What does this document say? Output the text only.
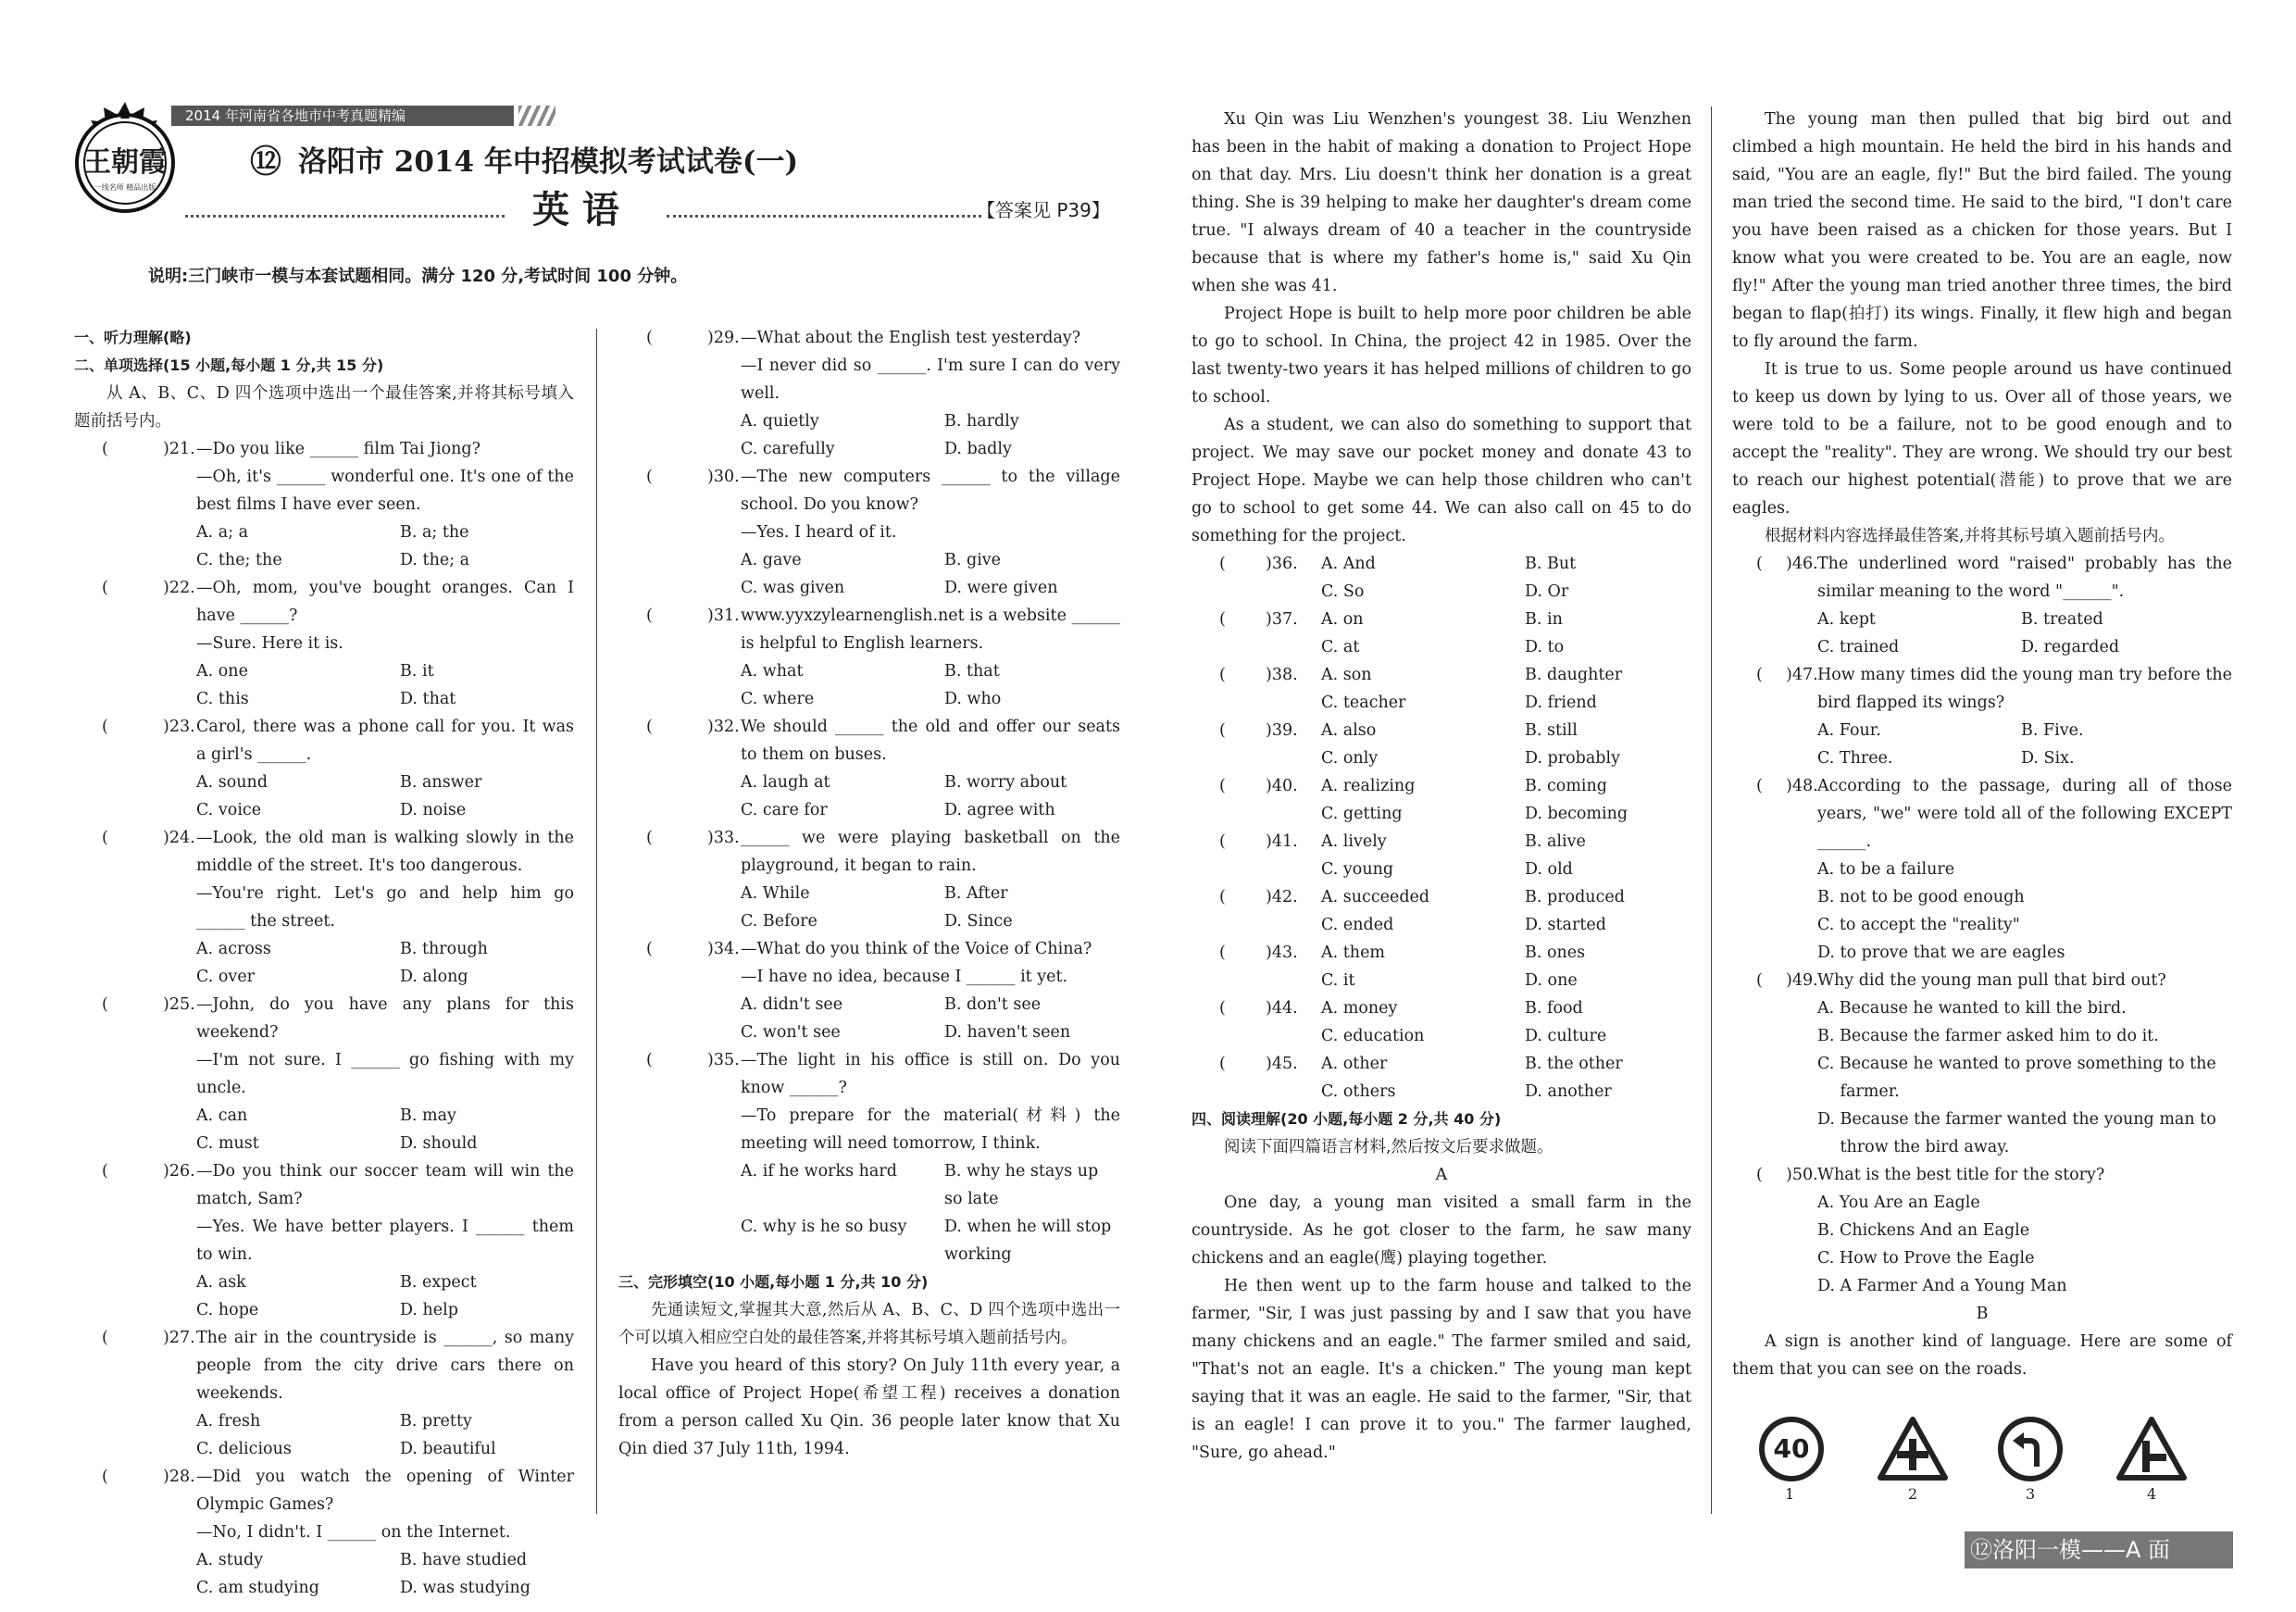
2014 年河南省各地市中考真题精编
王朝霞
一线名师 精品出版
⑫ 洛阳市 2014 年中招模拟考试试卷(一)
英 语	【答案见 P39】
说明:三门峡市一模与本套试题相同。满分 120 分,考试时间 100 分钟。
一、听力理解(略)
二、单项选择(15 小题,每小题 1 分,共 15 分)
从 A、B、C、D 四个选项中选出一个最佳答案,并将其标号填入题前括号内。
(	)21. —Do you like ______ film Tai Jiong?
—Oh, it's ______ wonderful one. It's one of the best films I have ever seen.
A. a; a	B. a; the
C. the; the	D. the; a
(	)22. —Oh, mom, you've bought oranges. Can I have ______?
—Sure. Here it is.
A. one	B. it
C. this	D. that
(	)23. Carol, there was a phone call for you. It was a girl's ______.
A. sound	B. answer
C. voice	D. noise
(	)24. —Look, the old man is walking slowly in the middle of the street. It's too dangerous.
—You're right. Let's go and help him go ______ the street.
A. across	B. through
C. over	D. along
(	)25. —John, do you have any plans for this weekend?
—I'm not sure. I ______ go fishing with my uncle.
A. can	B. may
C. must	D. should
(	)26. —Do you think our soccer team will win the match, Sam?
—Yes. We have better players. I ______ them to win.
A. ask	B. expect
C. hope	D. help
(	)27. The air in the countryside is ______, so many people from the city drive cars there on weekends.
A. fresh	B. pretty
C. delicious	D. beautiful
(	)28. —Did you watch the opening of Winter Olympic Games?
—No, I didn't. I ______ on the Internet.
A. study	B. have studied
C. am studying	D. was studying
(	)29. —What about the English test yesterday?
—I never did so ______. I'm sure I can do very well.
A. quietly	B. hardly
C. carefully	D. badly
(	)30. —The new computers ______ to the village school. Do you know?
—Yes. I heard of it.
A. gave	B. give
C. was given	D. were given
(	)31. www.yyxzylearnenglish.net is a website ______ is helpful to English learners.
A. what	B. that
C. where	D. who
(	)32. We should ______ the old and offer our seats to them on buses.
A. laugh at	B. worry about
C. care for	D. agree with
(	)33. ______ we were playing basketball on the playground, it began to rain.
A. While	B. After
C. Before	D. Since
(	)34. —What do you think of the Voice of China?
—I have no idea, because I ______ it yet.
A. didn't see	B. don't see
C. won't see	D. haven't seen
(	)35. —The light in his office is still on. Do you know ______?
—To prepare for the material(材料) the meeting will need tomorrow, I think.
A. if he works hard	B. why he stays up so late
C. why is he so busy	D. when he will stop working
三、完形填空(10 小题,每小题 1 分,共 10 分)
先通读短文,掌握其大意,然后从 A、B、C、D 四个选项中选出一个可以填入相应空白处的最佳答案,并将其标号填入题前括号内。
Have you heard of this story? On July 11th every year, a local office of Project Hope(希望工程) receives a donation from a person called Xu Qin. 36 people later know that Xu Qin died 37 July 11th, 1994.
Xu Qin was Liu Wenzhen's youngest 38. Liu Wenzhen has been in the habit of making a donation to Project Hope on that day. Mrs. Liu doesn't think her donation is a great thing. She is 39 helping to make her daughter's dream come true. "I always dream of 40 a teacher in the countryside because that is where my father's home is," said Xu Qin when she was 41.
Project Hope is built to help more poor children be able to go to school. In China, the project 42 in 1985. Over the last twenty-two years it has helped millions of children to go to school.
As a student, we can also do something to support that project. We may save our pocket money and donate 43 to Project Hope. Maybe we can help those children who can't go to school to get some 44. We can also call on 45 to do something for the project.
( )36. A. And	B. But
C. So	D. Or
( )37. A. on	B. in
C. at	D. to
( )38. A. son	B. daughter
C. teacher	D. friend
( )39. A. also	B. still
C. only	D. probably
( )40. A. realizing	B. coming
C. getting	D. becoming
( )41. A. lively	B. alive
C. young	D. old
( )42. A. succeeded	B. produced
C. ended	D. started
( )43. A. them	B. ones
C. it	D. one
( )44. A. money	B. food
C. education	D. culture
( )45. A. other	B. the other
C. others	D. another
四、阅读理解(20 小题,每小题 2 分,共 40 分)
阅读下面四篇语言材料,然后按文后要求做题。
A
One day, a young man visited a small farm in the countryside. As he got closer to the farm, he saw many chickens and an eagle(鹰) playing together.
He then went up to the farm house and talked to the farmer, "Sir, I was just passing by and I saw that you have many chickens and an eagle." The farmer smiled and said, "That's not an eagle. It's a chicken." The young man kept saying that it was an eagle. He said to the farmer, "Sir, that is an eagle! I can prove it to you." The farmer laughed, "Sure, go ahead."
The young man then pulled that big bird out and climbed a high mountain. He held the bird in his hands and said, "You are an eagle, fly!" But the bird failed. The young man tried the second time. He said to the bird, "I don't care you have been raised as a chicken for those years. But I know what you were created to be. You are an eagle, now fly!" After the young man tried another three times, the bird began to flap(拍打) its wings. Finally, it flew high and began to fly around the farm.
It is true to us. Some people around us have continued to keep us down by lying to us. Over all of those years, we were told to be a failure, not to be good enough and to accept the "reality". They are wrong. We should try our best to reach our highest potential(潜能) to prove that we are eagles.
根据材料内容选择最佳答案,并将其标号填入题前括号内。
( )46. The underlined word "raised" probably has the similar meaning to the word "______".
A. kept	B. treated
C. trained	D. regarded
( )47. How many times did the young man try before the bird flapped its wings?
A. Four.	B. Five.
C. Three.	D. Six.
( )48. According to the passage, during all of those years, "we" were told all of the following EXCEPT ______.
A. to be a failure
B. not to be good enough
C. to accept the "reality"
D. to prove that we are eagles
( )49. Why did the young man pull that bird out?
A. Because he wanted to kill the bird.
B. Because the farmer asked him to do it.
C. Because he wanted to prove something to the farmer.
D. Because the farmer wanted the young man to throw the bird away.
( )50. What is the best title for the story?
A. You Are an Eagle
B. Chickens And an Eagle
C. How to Prove the Eagle
D. A Farmer And a Young Man
B
A sign is another kind of language. Here are some of them that you can see on the roads.
40
1	2	3	4
⑫洛阳一模——A 面
